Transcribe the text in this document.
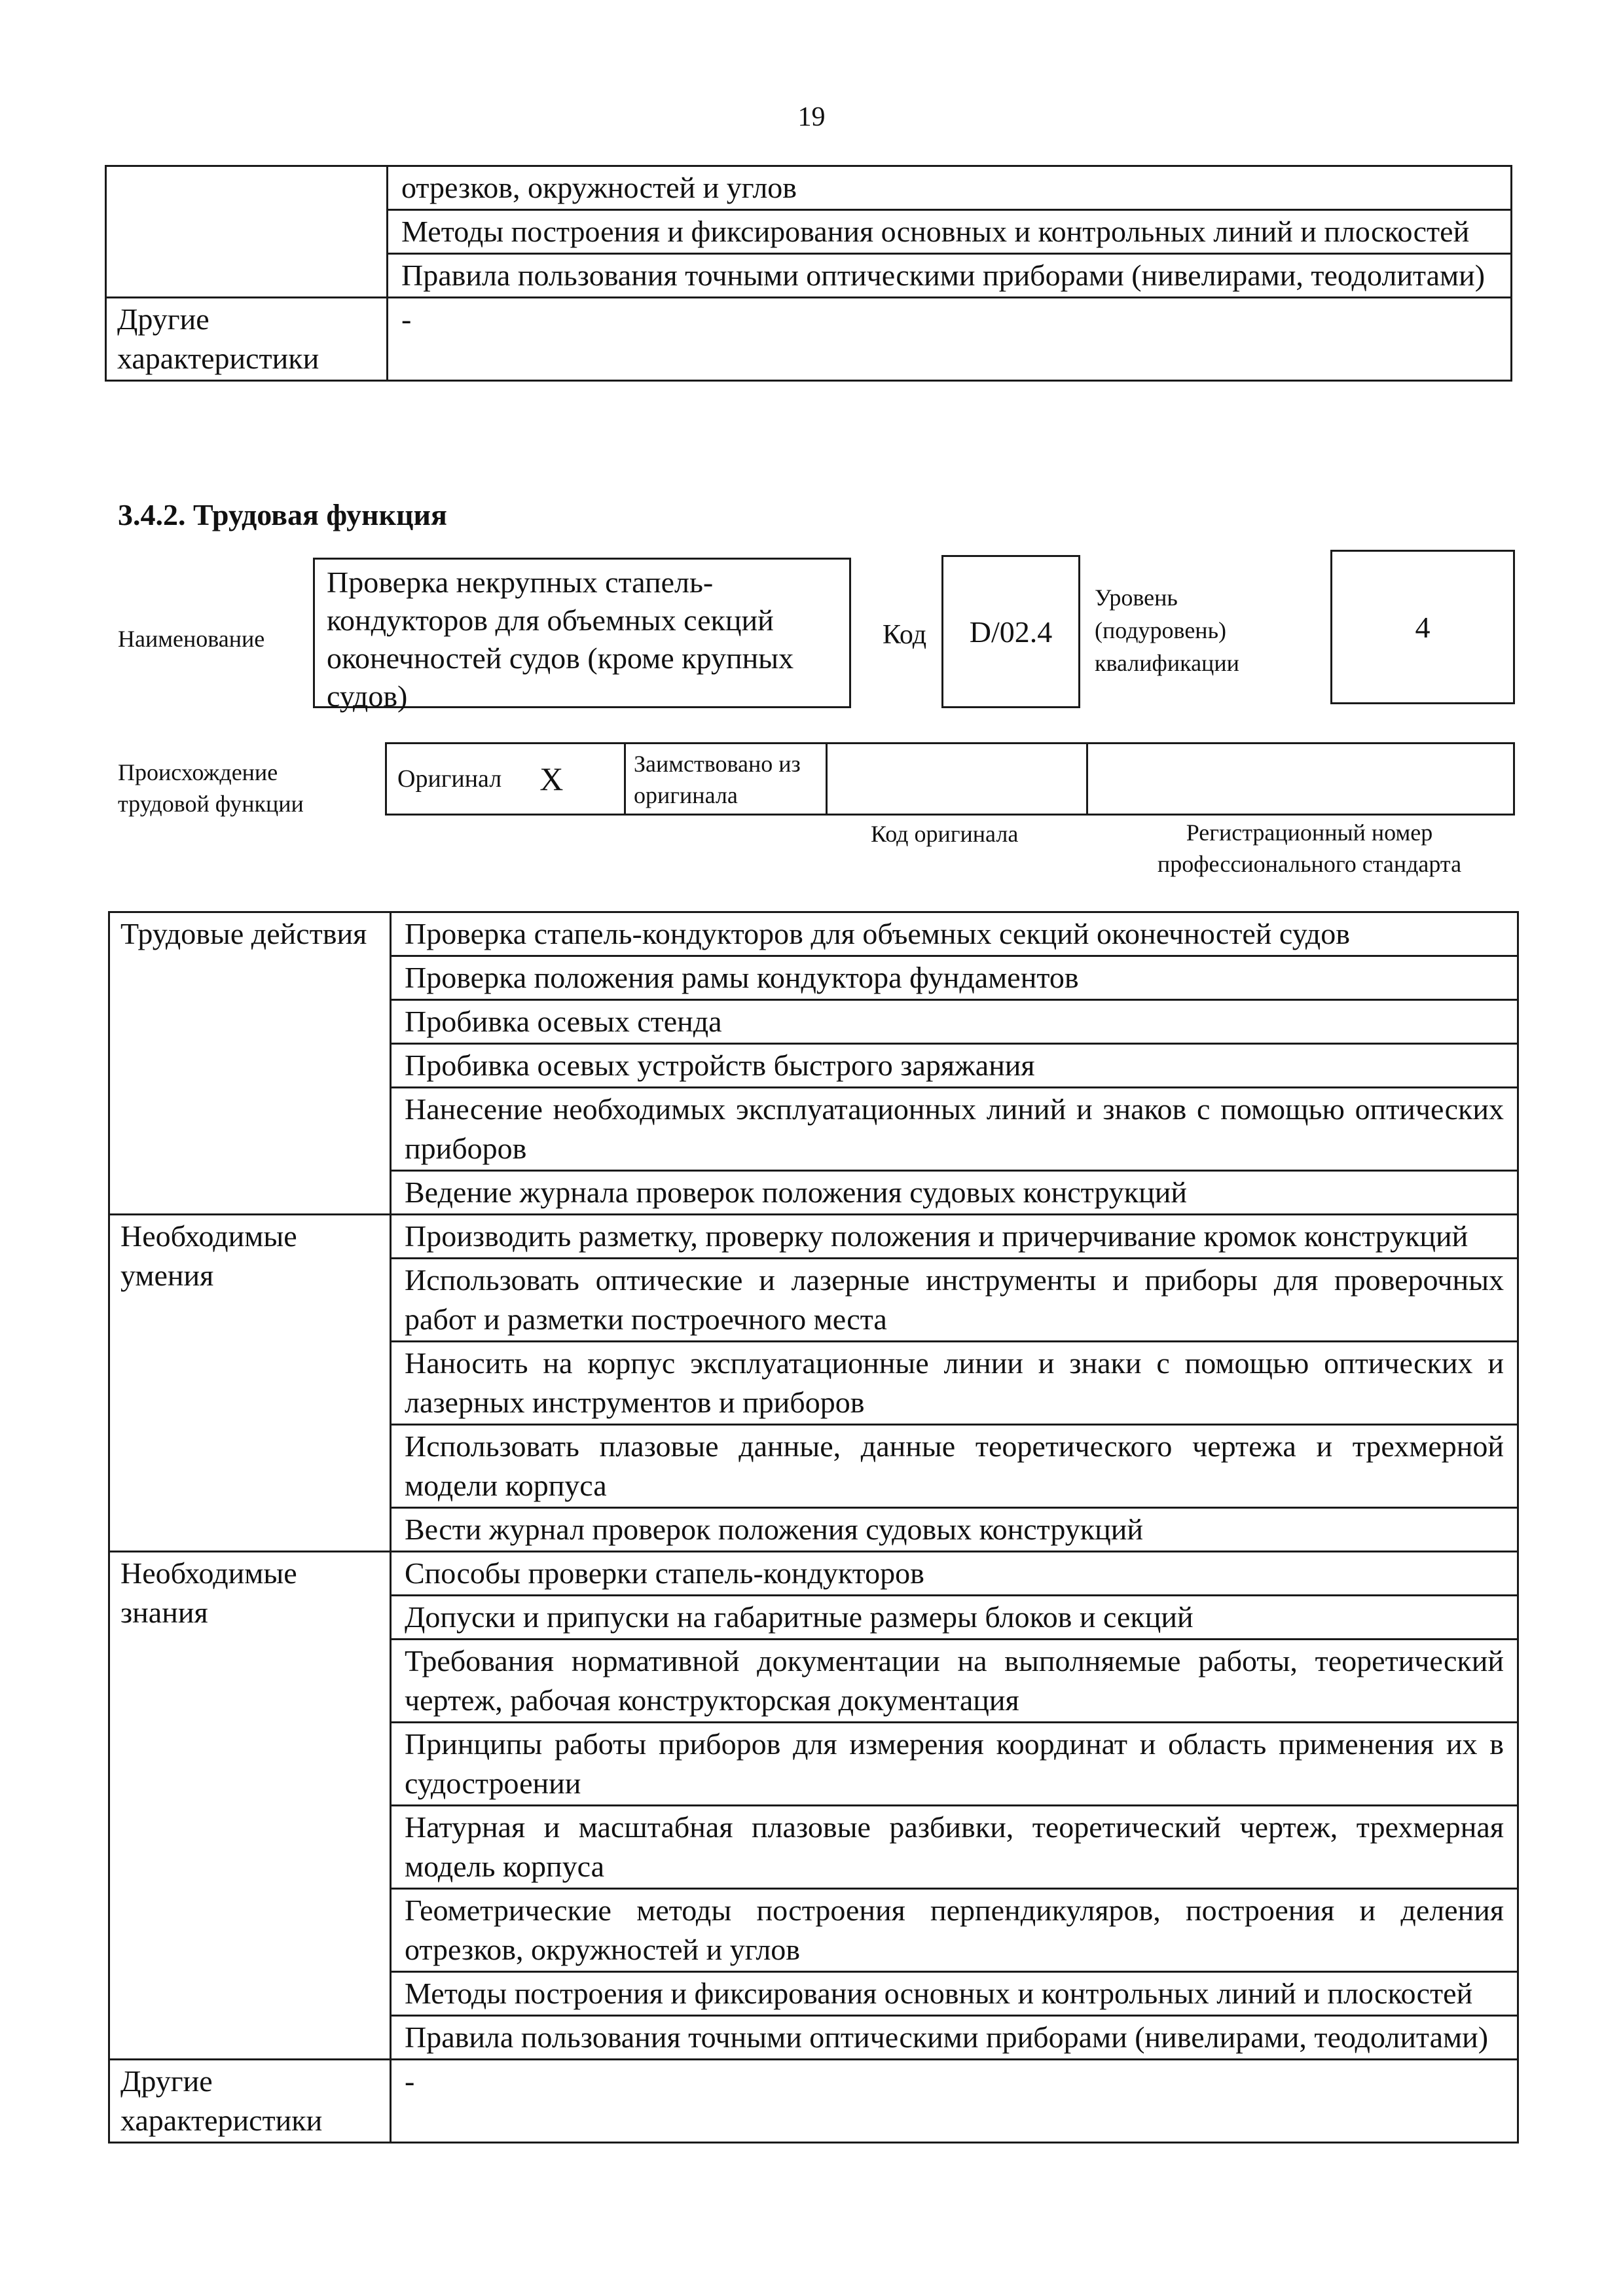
19
	отрезков, окружностей и углов
	Методы построения и фиксирования основных и контрольных линий и плоскостей
	Правила пользования точными оптическими приборами (нивелирами, теодолитами)
Другие характеристики	-
3.4.2. Трудовая функция
Наименование
Проверка некрупных стапель-кондукторов для объемных секций оконечностей судов (кроме крупных судов)
Код D/02.4
Уровень (подуровень) квалификации
4
Происхождение трудовой функции
Оригинал X	Заимствовано из оригинала
Код оригинала	Регистрационный номер профессионального стандарта
Трудовые действия	Проверка стапель-кондукторов для объемных секций оконечностей судов
	Проверка положения рамы кондуктора фундаментов
	Пробивка осевых стенда
	Пробивка осевых устройств быстрого заряжания
	Нанесение необходимых эксплуатационных линий и знаков с помощью оптических приборов
	Ведение журнала проверок положения судовых конструкций
Необходимые умения	Производить разметку, проверку положения и причерчивание кромок конструкций
	Использовать оптические и лазерные инструменты и приборы для проверочных работ и разметки построечного места
	Наносить на корпус эксплуатационные линии и знаки с помощью оптических и лазерных инструментов и приборов
	Использовать плазовые данные, данные теоретического чертежа и трехмерной модели корпуса
	Вести журнал проверок положения судовых конструкций
Необходимые знания	Способы проверки стапель-кондукторов
	Допуски и припуски на габаритные размеры блоков и секций
	Требования нормативной документации на выполняемые работы, теоретический чертеж, рабочая конструкторская документация
	Принципы работы приборов для измерения координат и область применения их в судостроении
	Натурная и масштабная плазовые разбивки, теоретический чертеж, трехмерная модель корпуса
	Геометрические методы построения перпендикуляров, построения и деления отрезков, окружностей и углов
	Методы построения и фиксирования основных и контрольных линий и плоскостей
	Правила пользования точными оптическими приборами (нивелирами, теодолитами)
Другие характеристики	-
